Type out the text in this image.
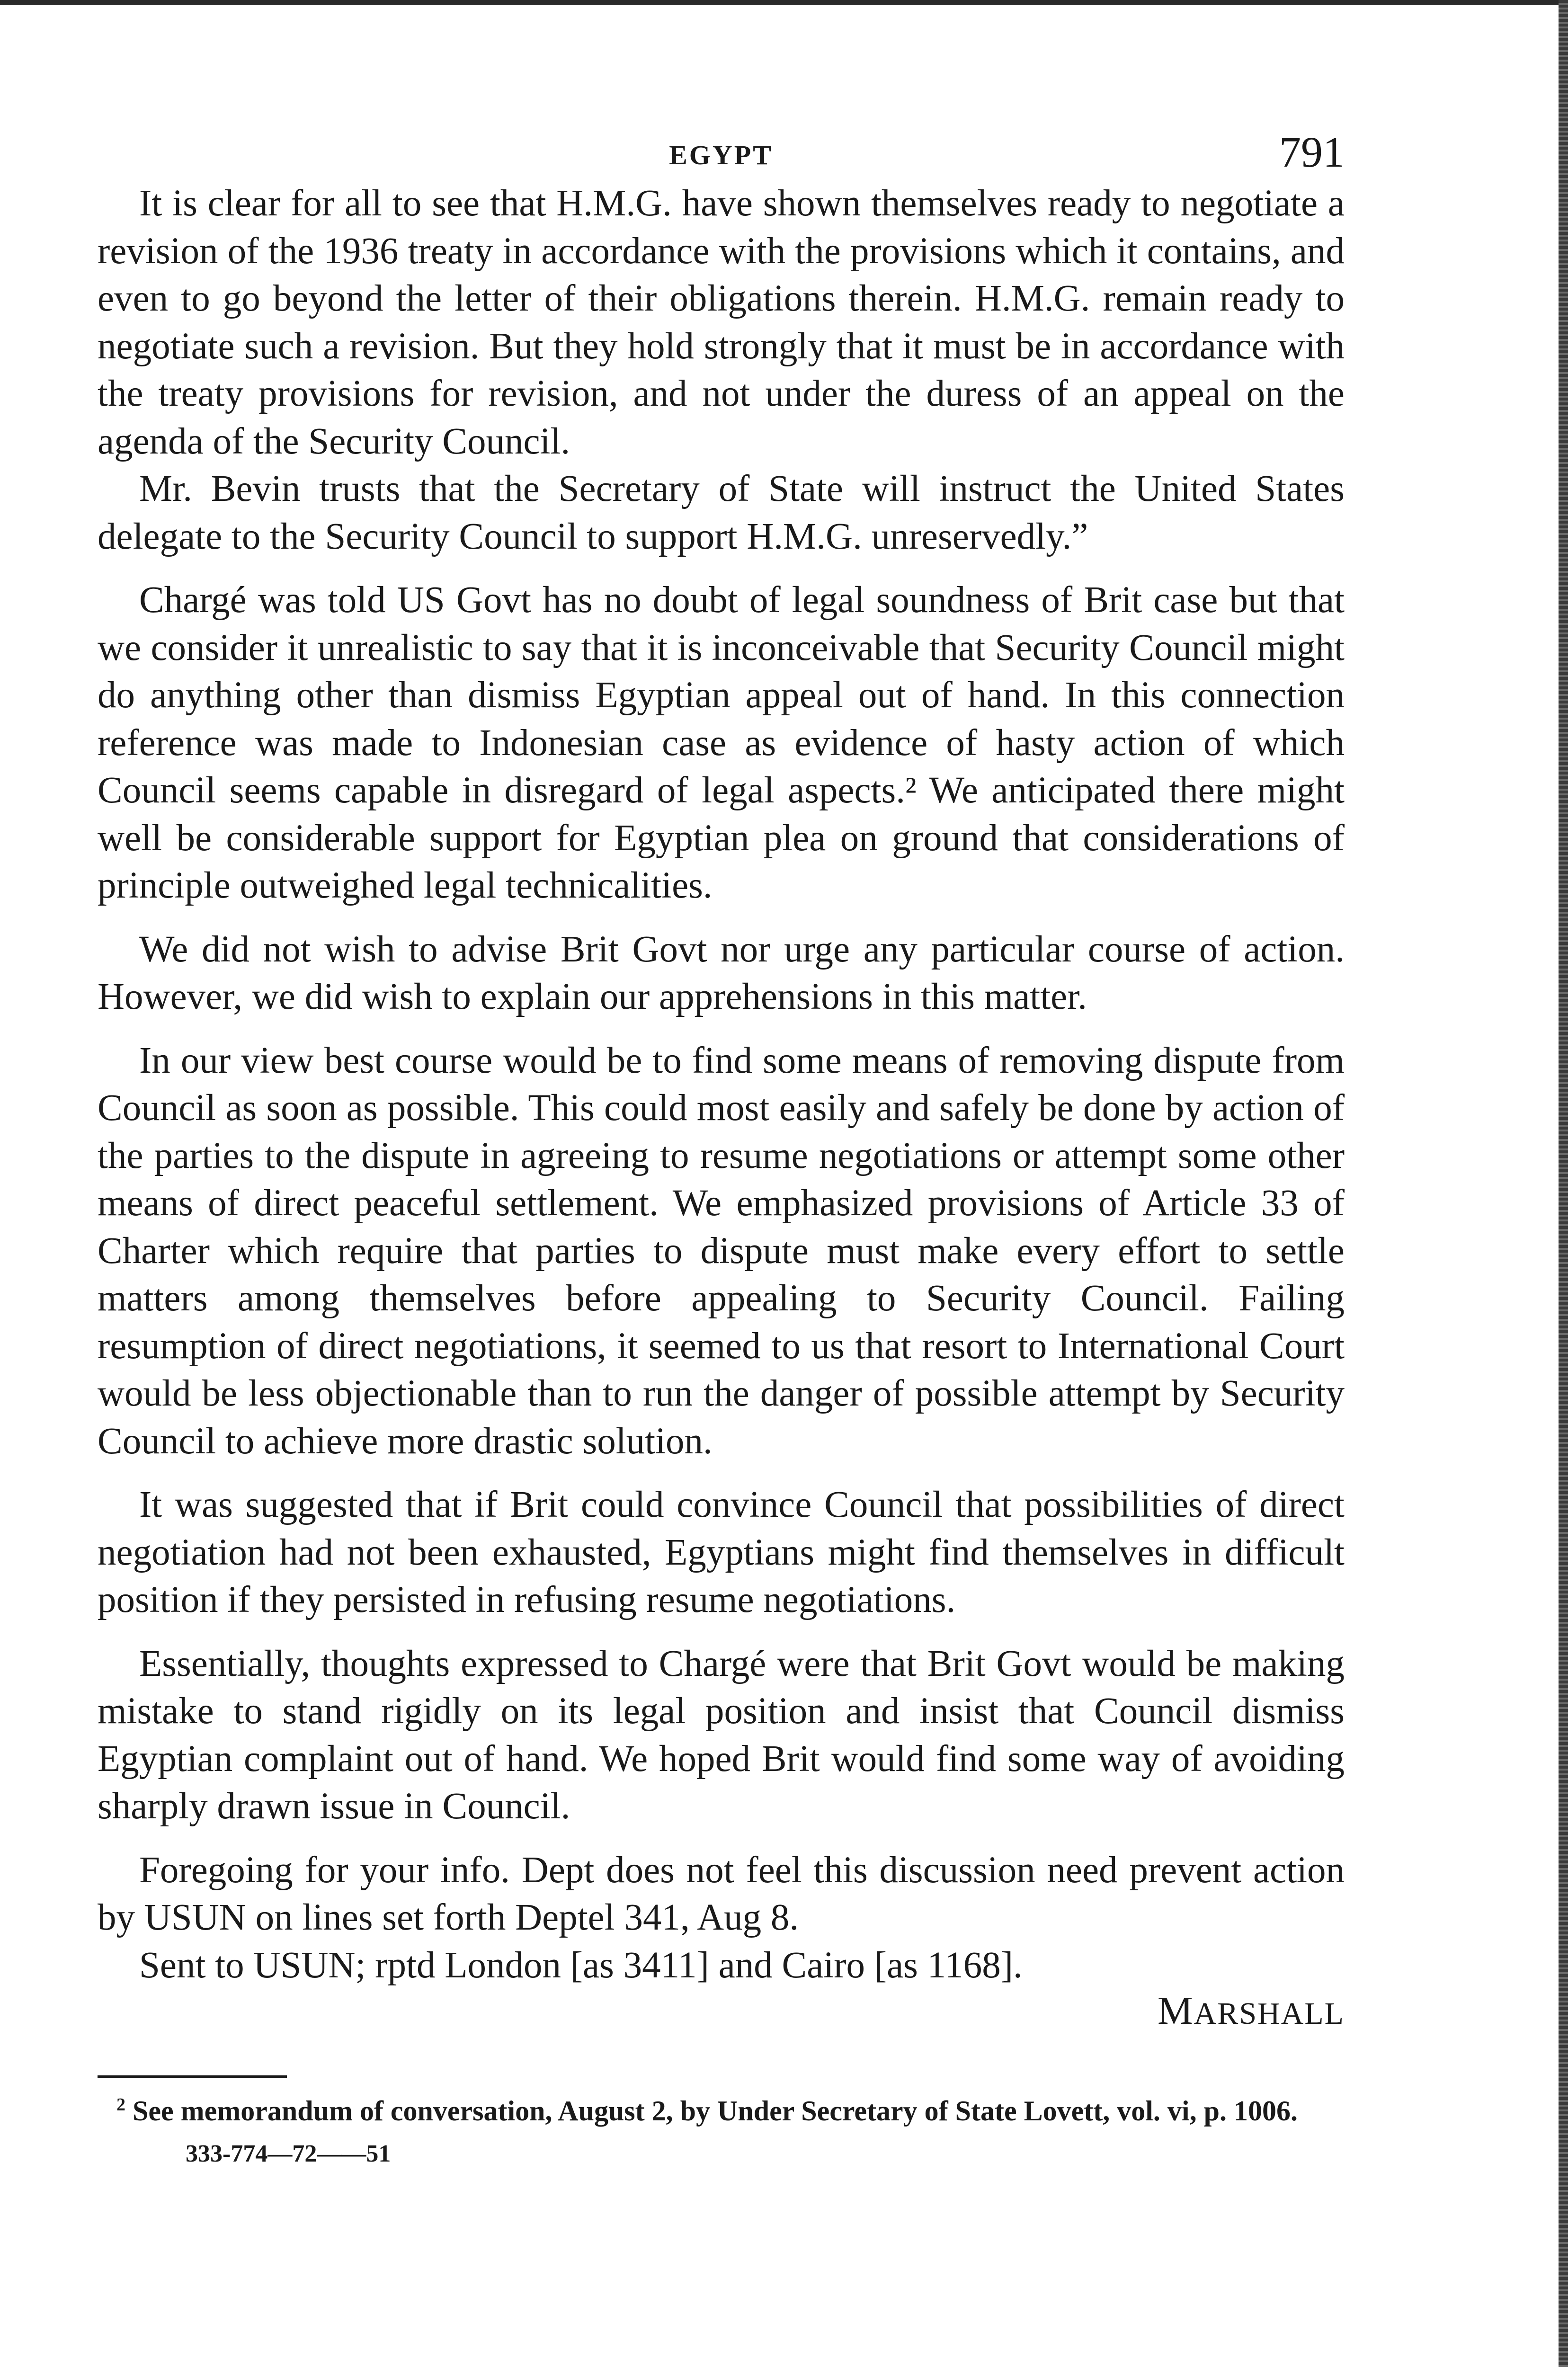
EGYPT	791

It is clear for all to see that H.M.G. have shown themselves ready to negotiate a revision of the 1936 treaty in accordance with the provisions which it contains, and even to go beyond the letter of their obligations therein. H.M.G. remain ready to negotiate such a revision. But they hold strongly that it must be in accordance with the treaty provisions for revision, and not under the duress of an appeal on the agenda of the Security Council.

Mr. Bevin trusts that the Secretary of State will instruct the United States delegate to the Security Council to support H.M.G. unreservedly.”

Chargé was told US Govt has no doubt of legal soundness of Brit case but that we consider it unrealistic to say that it is inconceivable that Security Council might do anything other than dismiss Egyptian appeal out of hand. In this connection reference was made to Indonesian case as evidence of hasty action of which Council seems capable in disregard of legal aspects.² We anticipated there might well be considerable support for Egyptian plea on ground that considerations of principle outweighed legal technicalities.

We did not wish to advise Brit Govt nor urge any particular course of action. However, we did wish to explain our apprehensions in this matter.

In our view best course would be to find some means of removing dispute from Council as soon as possible. This could most easily and safely be done by action of the parties to the dispute in agreeing to resume negotiations or attempt some other means of direct peaceful settlement. We emphasized provisions of Article 33 of Charter which require that parties to dispute must make every effort to settle matters among themselves before appealing to Security Council. Failing resumption of direct negotiations, it seemed to us that resort to International Court would be less objectionable than to run the danger of possible attempt by Security Council to achieve more drastic solution.

It was suggested that if Brit could convince Council that possibilities of direct negotiation had not been exhausted, Egyptians might find themselves in difficult position if they persisted in refusing resume negotiations.

Essentially, thoughts expressed to Chargé were that Brit Govt would be making mistake to stand rigidly on its legal position and insist that Council dismiss Egyptian complaint out of hand. We hoped Brit would find some way of avoiding sharply drawn issue in Council.

Foregoing for your info. Dept does not feel this discussion need prevent action by USUN on lines set forth Deptel 341, Aug 8.

Sent to USUN; rptd London [as 3411] and Cairo [as 1168].

MARSHALL
$^2$ See memorandum of conversation, August 2, by Under Secretary of State Lovett, vol. vi, p. 1006.
333-774—72——51
